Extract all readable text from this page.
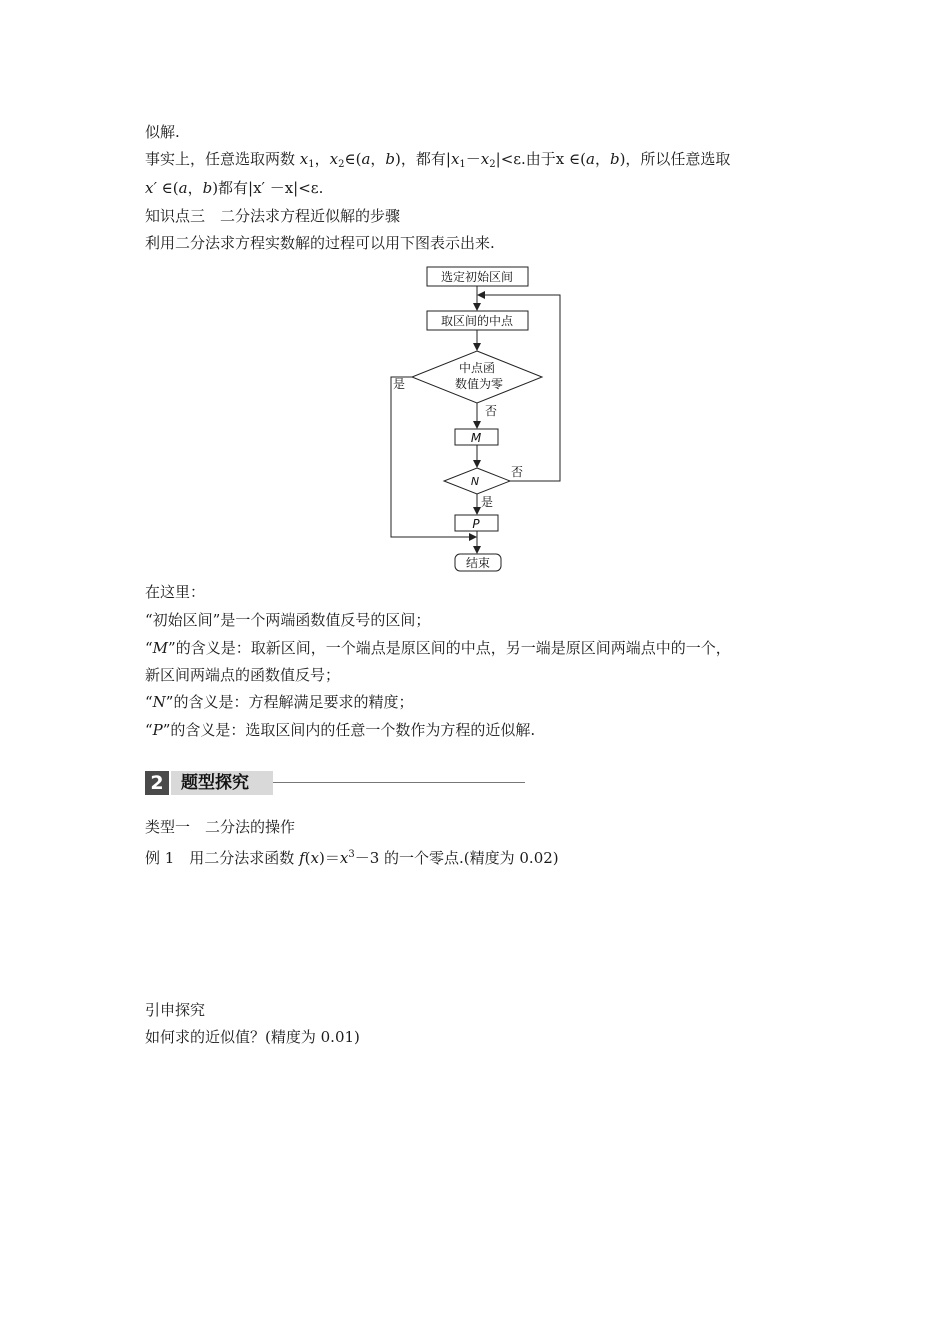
似解.
事实上，任意选取两数 $x_1$，$x_2\in(a$，b)，都有$|x_1-x_2|<\varepsilon$.由于x ∈(a，b)，所以任意选取
x′ ∈(a，b)都有|x′ －x|<ε.
知识点三　二分法求方程近似解的步骤
利用二分法求方程实数解的过程可以用下图表示出来.
选定初始区间
取区间的中点
中点函
数值为零
否
M
N
否
是
P
结束
是
在这里：
“初始区间”是一个两端函数值反号的区间；
“M”的含义是：取新区间，一个端点是原区间的中点，另一端是原区间两端点中的一个，
新区间两端点的函数值反号；
“N”的含义是：方程解满足要求的精度；
“P”的含义是：选取区间内的任意一个数作为方程的近似解.
2	题型探究
类型一　二分法的操作
例 1　用二分法求函数 $f(x)=x^3-3$ 的一个零点.(精度为 0.02)
引申探究
如何求的近似值？(精度为 0.01)
